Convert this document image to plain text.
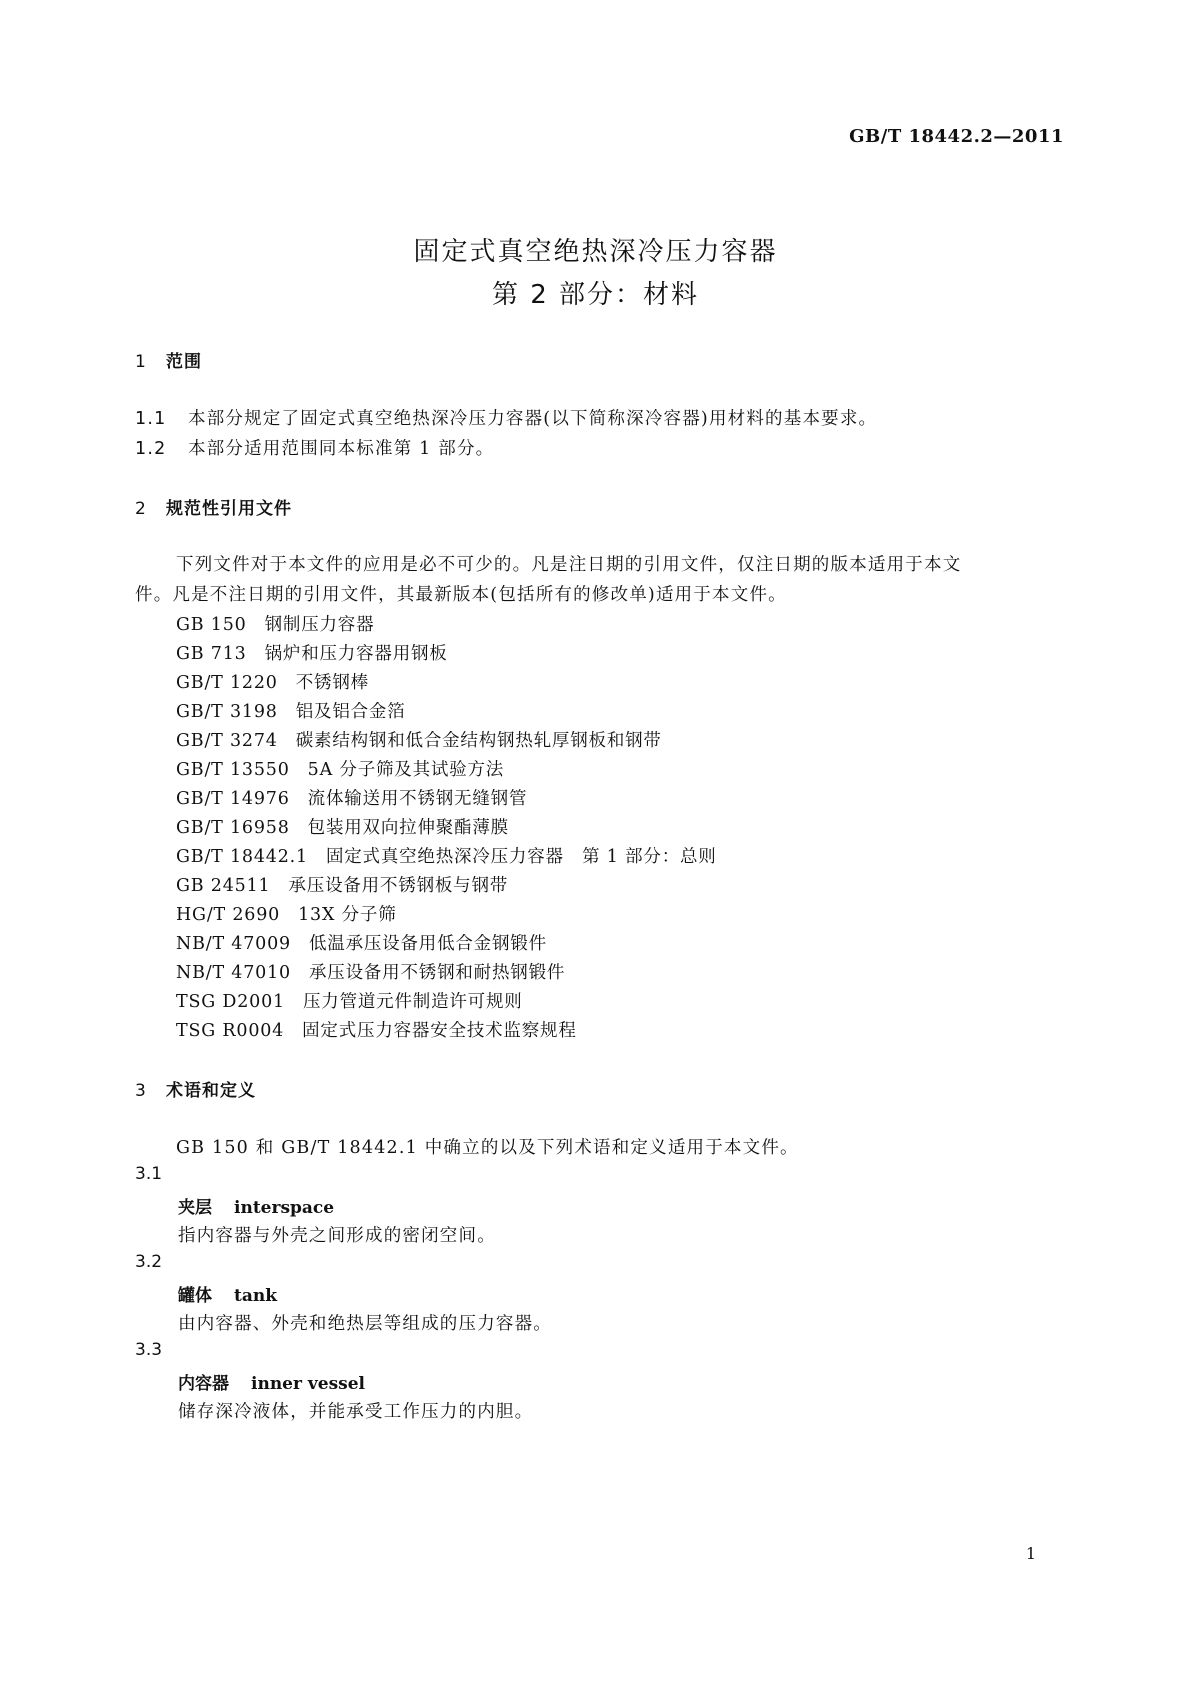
GB/T 18442.2—2011
固定式真空绝热深冷压力容器
第 2 部分：材料
1 范围
1.1 本部分规定了固定式真空绝热深冷压力容器(以下简称深冷容器)用材料的基本要求。
1.2 本部分适用范围同本标准第 1 部分。
2 规范性引用文件
下列文件对于本文件的应用是必不可少的。凡是注日期的引用文件，仅注日期的版本适用于本文
件。凡是不注日期的引用文件，其最新版本(包括所有的修改单)适用于本文件。
GB 150 钢制压力容器
GB 713 锅炉和压力容器用钢板
GB/T 1220 不锈钢棒
GB/T 3198 铝及铝合金箔
GB/T 3274 碳素结构钢和低合金结构钢热轧厚钢板和钢带
GB/T 13550 5A 分子筛及其试验方法
GB/T 14976 流体输送用不锈钢无缝钢管
GB/T 16958 包装用双向拉伸聚酯薄膜
GB/T 18442.1 固定式真空绝热深冷压力容器　第 1 部分：总则
GB 24511 承压设备用不锈钢板与钢带
HG/T 2690 13X 分子筛
NB/T 47009 低温承压设备用低合金钢锻件
NB/T 47010 承压设备用不锈钢和耐热钢锻件
TSG D2001 压力管道元件制造许可规则
TSG R0004 固定式压力容器安全技术监察规程
3 术语和定义
GB 150 和 GB/T 18442.1 中确立的以及下列术语和定义适用于本文件。
3.1
夹层 interspace
指内容器与外壳之间形成的密闭空间。
3.2
罐体 tank
由内容器、外壳和绝热层等组成的压力容器。
3.3
内容器 inner vessel
储存深冷液体，并能承受工作压力的内胆。
1
